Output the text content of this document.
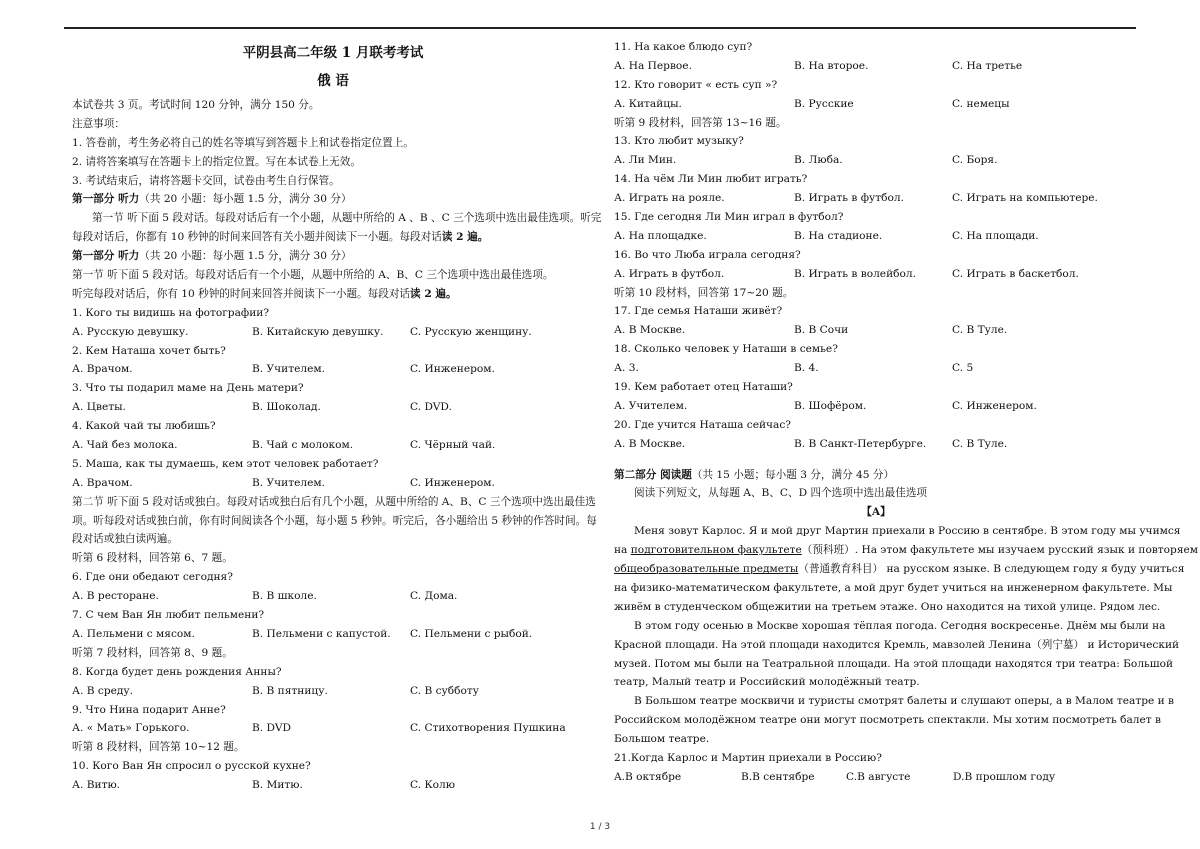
平阴县高二年级 1 月联考考试
俄 语
本试卷共 3 页。考试时间 120 分钟，满分 150 分。
注意事项：
1. 答卷前，考生务必将自己的姓名等填写到答题卡上和试卷指定位置上。
2. 请将答案填写在答题卡上的指定位置。写在本试卷上无效。
3. 考试结束后，请将答题卡交回，试卷由考生自行保管。
第一部分 听力（共 20 小题：每小题 1.5 分，满分 30 分）
第一节 听下面 5 段对话。每段对话后有一个小题，从题中所给的 A 、B 、C 三个选项中选出最佳选项。听完
每段对话后，你都有 10 秒钟的时间来回答有关小题并阅读下一小题。每段对话读 2 遍。
第一部分 听力（共 20 小题：每小题 1.5 分，满分 30 分）
第一节 听下面 5 段对话。每段对话后有一个小题，从题中所给的 A、B、C 三个选项中选出最佳选项。
听完每段对话后，你有 10 秒钟的时间来回答并阅读下一小题。每段对话读 2 遍。
1. Кого ты видишь на фотографии?
А. Русскую девушку.	B. Китайскую девушку.	C. Русскую женщину.
2. Кем Наташа хочет быть?
А. Врачом.	B. Учителем.	C. Инженером.
3. Что ты подарил маме на День матери?
А. Цветы.	B. Шоколад.	C. DVD.
4. Какой чай ты любишь?
А. Чай без молока.	B. Чай с молоком.	C. Чёрный чай.
5. Маша, как ты думаешь, кем этот человек работает?
А. Врачом.	B. Учителем.	C. Инженером.
第二节 听下面 5 段对话或独白。每段对话或独白后有几个小题，从题中所给的 A、B、C 三个选项中选出最佳选
项。听每段对话或独白前，你有时间阅读各个小题，每小题 5 秒钟。听完后，各小题给出 5 秒钟的作答时间。每
段对话或独白读两遍。
听第 6 段材料，回答第 6、7 题。
6. Где они обедают сегодня?
А. В ресторане.	B. В школе.	C. Дома.
7. С чем Ван Ян любит пельмени?
А. Пельмени с мясом.	B. Пельмени с капустой.	C. Пельмени с рыбой.
听第 7 段材料，回答第 8、9 题。
8. Когда будет день рождения Анны?
А. В среду.	B. В пятницу.	C. В субботу
9. Что Нина подарит Анне?
А. « Мать» Горького.	B. DVD	C. Стихотворения Пушкина
听第 8 段材料，回答第 10~12 题。
10. Кого Ван Ян спросил о русской кухне?
А. Витю.	B. Митю.	C. Колю
11. На какое блюдо суп?
А. На Первое.	B. На второе.	C. На третье
12. Кто говорит « есть суп »?
А. Китайцы.	B. Русские	C. немецы
听第 9 段材料，回答第 13~16 题。
13. Кто любит музыку?
А. Ли Мин.	B. Люба.	C. Боря.
14. На чём Ли Мин любит играть?
А. Играть на рояле.	B. Играть в футбол.	C. Играть на компьютере.
15. Где сегодня Ли Мин играл в футбол?
А. На площадке.	B. На стадионе.	C. На площади.
16. Во что Люба играла сегодня?
А. Играть в футбол.	B. Играть в волейбол.	C. Играть в баскетбол.
听第 10 段材料，回答第 17~20 题。
17. Где семья Наташи живёт?
А. В Москве.	B. В Сочи	C. В Туле.
18. Сколько человек у Наташи в семье?
А. 3.	B. 4.	C. 5
19. Кем работает отец Наташи?
А. Учителем.	B. Шофёром.	C. Инженером.
20. Где учится Наташа сейчас?
А. В Москве.	B. В Санкт-Петербурге.	C. В Туле.
第二部分 阅读题（共 15 小题；每小题 3 分，满分 45 分）
阅读下列短文，从每题 A、B、C、D 四个选项中选出最佳选项
【A】
Меня зовут Карлос. Я и мой друг Мартин приехали в Россию в сентябре. В этом году мы учимся
на подготовительном факультете（预科班）. На этом факультете мы изучаем русский язык и повторяем
общеобразовательные предметы（普通教育科目） на русском языке. В следующем году я буду учиться
на физико-математическом факультете, а мой друг будет учиться на инженерном факультете. Мы
живём в студенческом общежитии на третьем этаже. Оно находится на тихой улице. Рядом лес.
В этом году осенью в Москве хорошая тёплая погода. Сегодня воскресенье. Днём мы были на
Красной площади. На этой площади находится Кремль, мавзолей Ленина（列宁墓） и Исторический
музей. Потом мы были на Театральной площади. На этой площади находятся три театра: Большой
театр, Малый театр и Российский молодёжный театр.
В Большом театре москвичи и туристы смотрят балеты и слушают оперы, а в Малом театре и в
Российском молодёжном театре они могут посмотреть спектакли. Мы хотим посмотреть балет в
Большом театре.
21.Когда Карлос и Мартин приехали в Россию?
A.В октябре	B.В сентябре	C.В августе	D.В прошлом году
1 / 3
